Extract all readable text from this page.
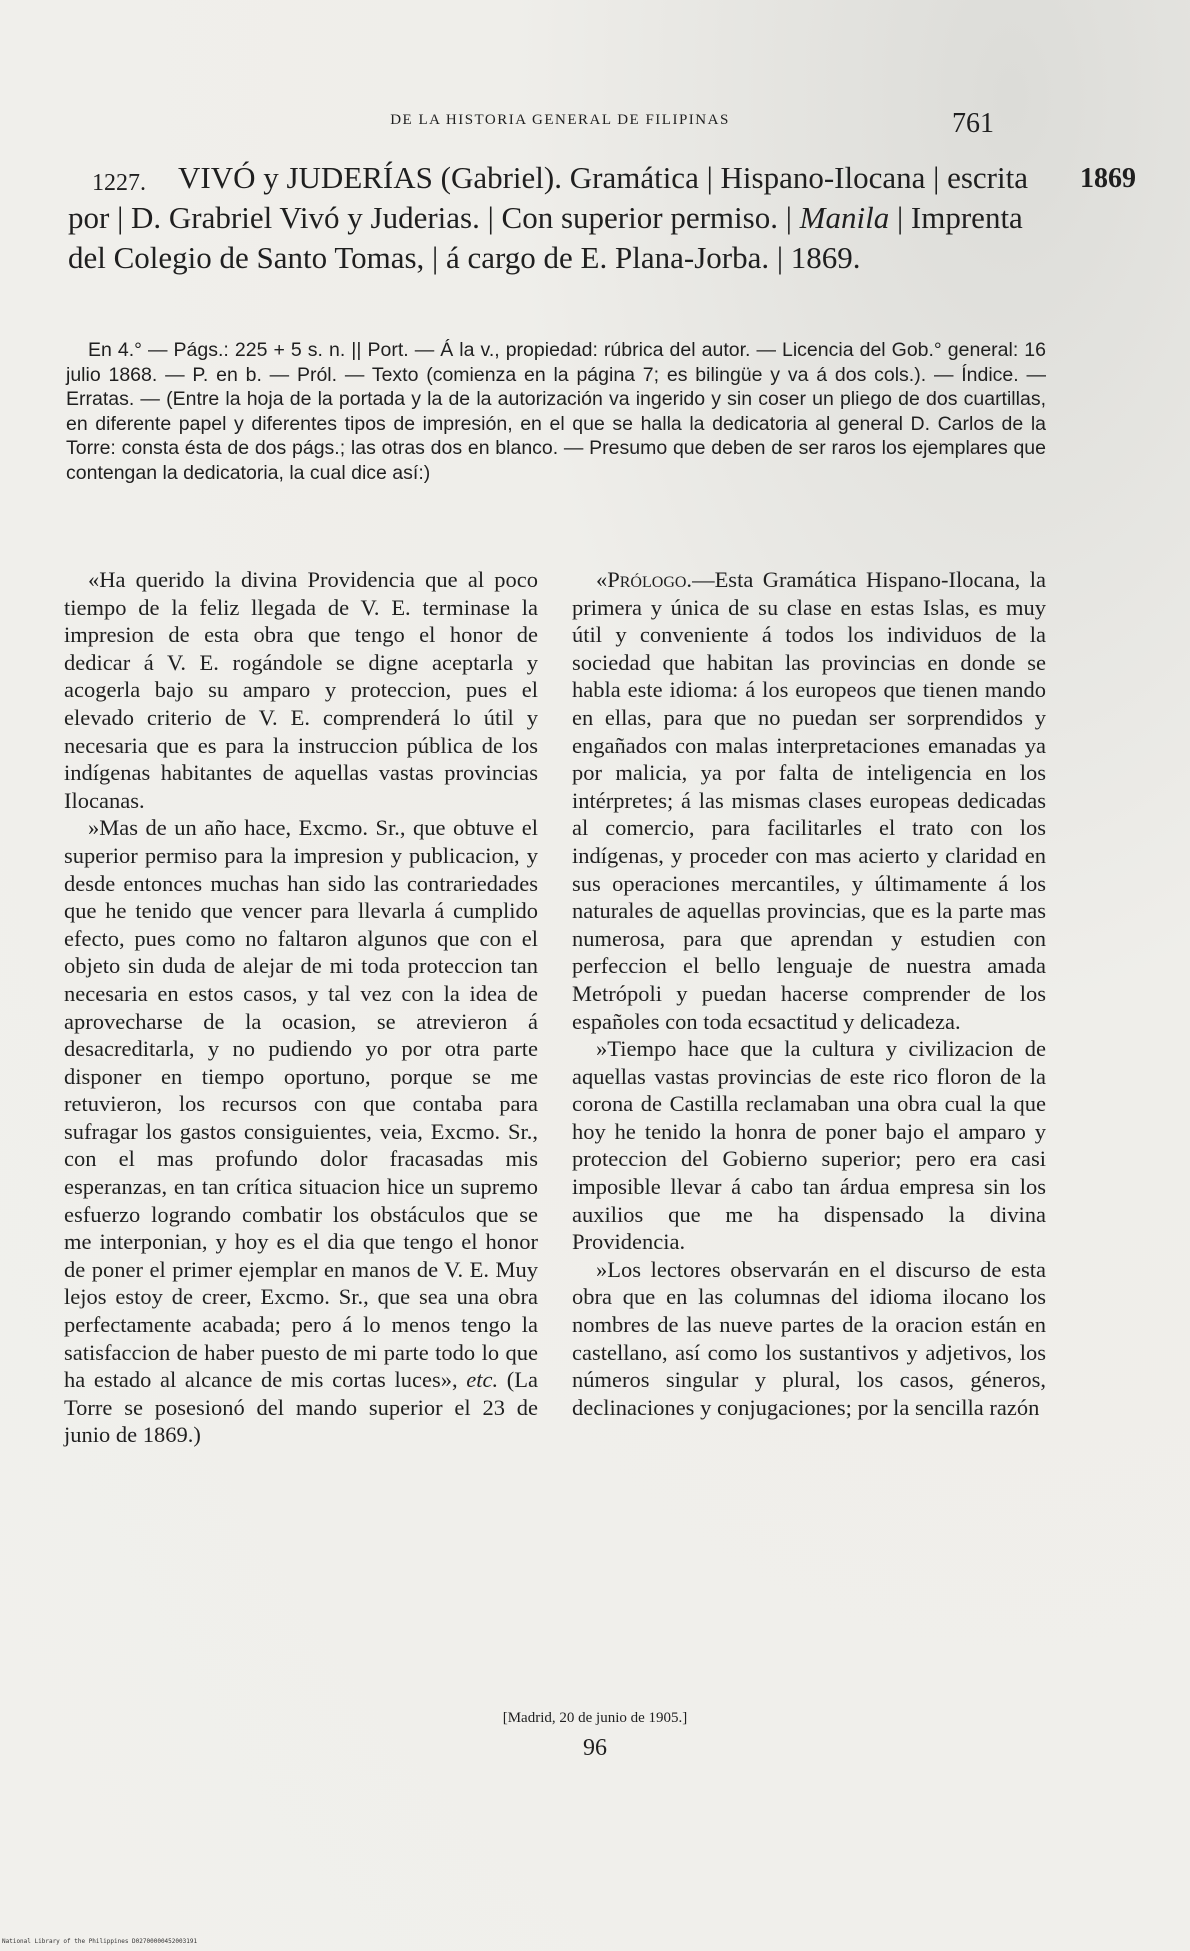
DE LA HISTORIA GENERAL DE FILIPINAS	761
VIVÓ y JUDERÍAS (Gabriel). Gramática | Hispano-Ilocana | escrita por | D. Grabriel Vivó y Juderias. | Con superior permiso. | Manila | Imprenta del Colegio de Santo Tomas, | á cargo de E. Plana-Jorba. | 1869.
1227.	1869
En 4.° — Págs.: 225 + 5 s. n. || Port. — Á la v., propiedad: rúbrica del autor. — Licencia del Gob.° general: 16 julio 1868. — P. en b. — Pról. — Texto (comienza en la página 7; es bilingüe y va á dos cols.). — Índice. — Erratas. — (Entre la hoja de la portada y la de la autorización va ingerido y sin coser un pliego de dos cuartillas, en diferente papel y diferentes tipos de impresión, en el que se halla la dedicatoria al general D. Carlos de la Torre: consta ésta de dos págs.; las otras dos en blanco. — Presumo que deben de ser raros los ejemplares que contengan la dedicatoria, la cual dice así:)

«Ha querido la divina Providencia que al poco tiempo de la feliz llegada de V. E. terminase la impresion de esta obra que tengo el honor de dedicar á V. E. rogándole se digne aceptarla y acogerla bajo su amparo y proteccion, pues el elevado criterio de V. E. comprenderá lo útil y necesaria que es para la instruccion pública de los indígenas habitantes de aquellas vastas provincias Ilocanas.

»Mas de un año hace, Excmo. Sr., que obtuve el superior permiso para la impresion y publicacion, y desde entonces muchas han sido las contrariedades que he tenido que vencer para llevarla á cumplido efecto, pues como no faltaron algunos que con el objeto sin duda de alejar de mi toda proteccion tan necesaria en estos casos, y tal vez con la idea de aprovecharse de la ocasion, se atrevieron á desacreditarla, y no pudiendo yo por otra parte disponer en tiempo oportuno, porque se me retuvieron, los recursos con que contaba para sufragar los gastos consiguientes, veia, Excmo. Sr., con el mas profundo dolor fracasadas mis esperanzas, en tan crítica situacion hice un supremo esfuerzo logrando combatir los obstáculos que se me interponian, y hoy es el dia que tengo el honor de poner el primer ejemplar en manos de V. E. Muy lejos estoy de creer, Excmo. Sr., que sea una obra perfectamente acabada; pero á lo menos tengo la satisfaccion de haber puesto de mi parte todo lo que ha estado al alcance de mis cortas luces», etc. (La Torre se posesionó del mando superior el 23 de junio de 1869.)

«Prólogo.—Esta Gramática Hispano-Ilocana, la primera y única de su clase en estas Islas, es muy útil y conveniente á todos los individuos de la sociedad que habitan las provincias en donde se habla este idioma: á los europeos que tienen mando en ellas, para que no puedan ser sorprendidos y engañados con malas interpretaciones emanadas ya por malicia, ya por falta de inteligencia en los intérpretes; á las mismas clases europeas dedicadas al comercio, para facilitarles el trato con los indígenas, y proceder con mas acierto y claridad en sus operaciones mercantiles, y últimamente á los naturales de aquellas provincias, que es la parte mas numerosa, para que aprendan y estudien con perfeccion el bello lenguaje de nuestra amada Metrópoli y puedan hacerse comprender de los españoles con toda ecsactitud y delicadeza.

»Tiempo hace que la cultura y civilizacion de aquellas vastas provincias de este rico floron de la corona de Castilla reclamaban una obra cual la que hoy he tenido la honra de poner bajo el amparo y proteccion del Gobierno superior; pero era casi imposible llevar á cabo tan árdua empresa sin los auxilios que me ha dispensado la divina Providencia.

»Los lectores observarán en el discurso de esta obra que en las columnas del idioma ilocano los nombres de las nueve partes de la oracion están en castellano, así como los sustantivos y adjetivos, los números singular y plural, los casos, géneros, declinaciones y conjugaciones; por la sencilla razón

[Madrid, 20 de junio de 1905.]
96
National Library of the Philippines D02700000452003191
